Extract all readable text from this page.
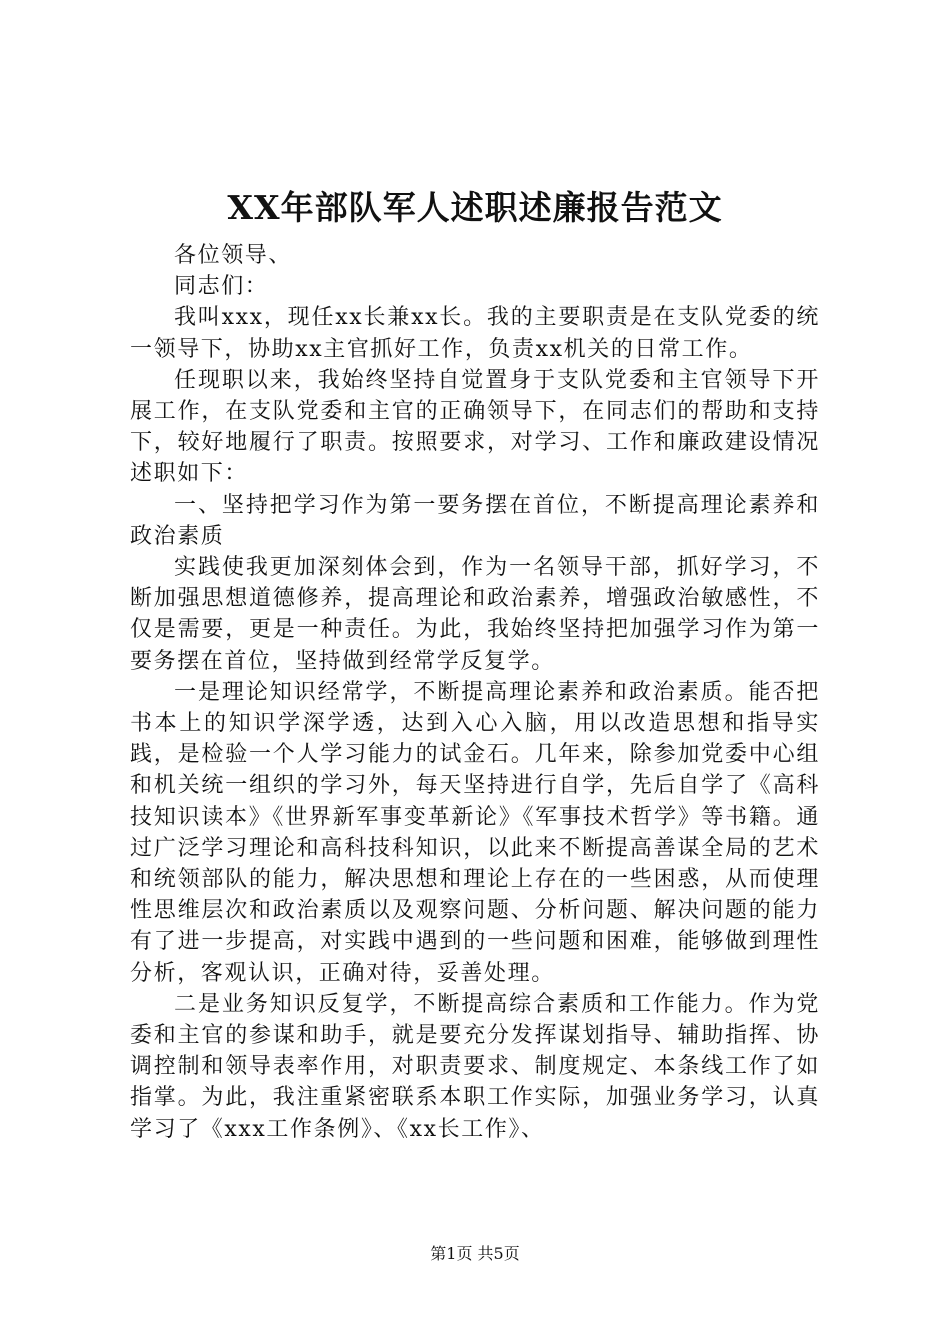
XX年部队军人述职述廉报告范文

各位领导、

同志们：

我叫xxx，现任xx长兼xx长。我的主要职责是在支队党委的统一领导下，协助xx主官抓好工作，负责xx机关的日常工作。

任现职以来，我始终坚持自觉置身于支队党委和主官领导下开展工作，在支队党委和主官的正确领导下，在同志们的帮助和支持下，较好地履行了职责。按照要求，对学习、工作和廉政建设情况述职如下：

一、坚持把学习作为第一要务摆在首位，不断提高理论素养和政治素质

实践使我更加深刻体会到，作为一名领导干部，抓好学习，不断加强思想道德修养，提高理论和政治素养，增强政治敏感性，不仅是需要，更是一种责任。为此，我始终坚持把加强学习作为第一要务摆在首位，坚持做到经常学反复学。

一是理论知识经常学，不断提高理论素养和政治素质。能否把书本上的知识学深学透，达到入心入脑，用以改造思想和指导实践，是检验一个人学习能力的试金石。几年来，除参加党委中心组和机关统一组织的学习外，每天坚持进行自学，先后自学了《高科技知识读本》《世界新军事变革新论》《军事技术哲学》等书籍。通过广泛学习理论和高科技科知识，以此来不断提高善谋全局的艺术和统领部队的能力，解决思想和理论上存在的一些困惑，从而使理性思维层次和政治素质以及观察问题、分析问题、解决问题的能力有了进一步提高，对实践中遇到的一些问题和困难，能够做到理性分析，客观认识，正确对待，妥善处理。

二是业务知识反复学，不断提高综合素质和工作能力。作为党委和主官的参谋和助手，就是要充分发挥谋划指导、辅助指挥、协调控制和领导表率作用，对职责要求、制度规定、本条线工作了如指掌。为此，我注重紧密联系本职工作实际，加强业务学习，认真学习了《xxx工作条例》、《xx长工作》、

第1页 共5页
